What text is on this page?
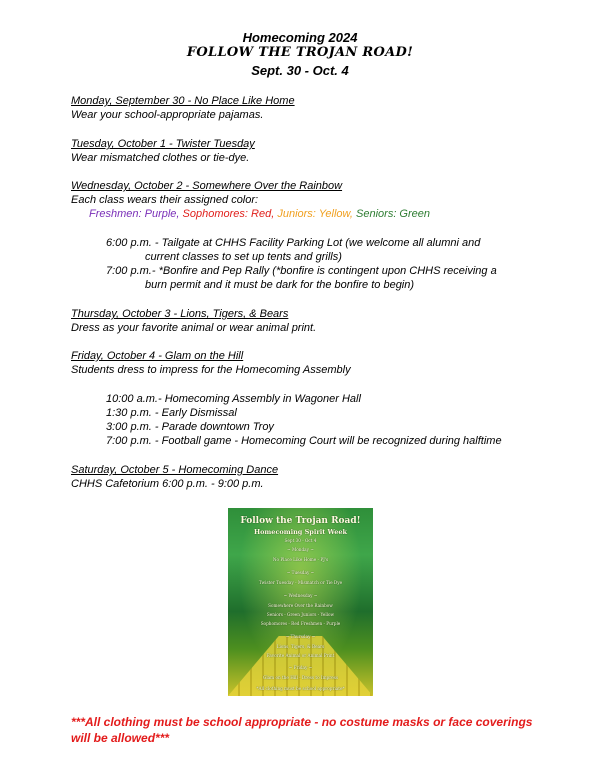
Homecoming 2024
FOLLOW THE TROJAN ROAD!
Sept. 30 - Oct. 4
Monday, September 30 - No Place Like Home
Wear your school-appropriate pajamas.
Tuesday, October 1 - Twister Tuesday
Wear mismatched clothes or tie-dye.
Wednesday, October 2 - Somewhere Over the Rainbow
Each class wears their assigned color:
Freshmen: Purple, Sophomores: Red, Juniors: Yellow, Seniors: Green
6:00 p.m. - Tailgate at CHHS Facility Parking Lot (we welcome all alumni and
current classes to set up tents and grills)
7:00 p.m.- *Bonfire and Pep Rally (*bonfire is contingent upon CHHS receiving a
burn permit and it must be dark for the bonfire to begin)
Thursday, October 3 - Lions, Tigers, & Bears
Dress as your favorite animal or wear animal print.
Friday, October 4 - Glam on the Hill
Students dress to impress for the Homecoming Assembly
10:00 a.m.- Homecoming Assembly in Wagoner Hall
1:30 p.m. - Early Dismissal
3:00 p.m. - Parade downtown Troy
7:00 p.m. - Football game - Homecoming Court will be recognized during halftime
Saturday, October 5 - Homecoming Dance
CHHS Cafetorium 6:00 p.m. - 9:00 p.m.
Follow the Trojan Road!
Homecoming Spirit Week
Sept 30 - Oct 4
~ Monday ~
No Place Like Home - PJ's
~ Tuesday ~
Twister Tuesday - Mismatch or Tie Dye
~ Wednesday ~
Somewhere Over the Rainbow
Seniors - Green Juniors - Yellow
Sophomores - Red Freshmen - Purple
~ Thursday ~
Lions, Tigers, & Bears
Favorite Animal or Animal Print
~ Friday ~
Glam on the Hill - Dress to Impress
*All clothing must be school appropriate*
***All clothing must be school appropriate - no costume masks or face coverings will be allowed***
